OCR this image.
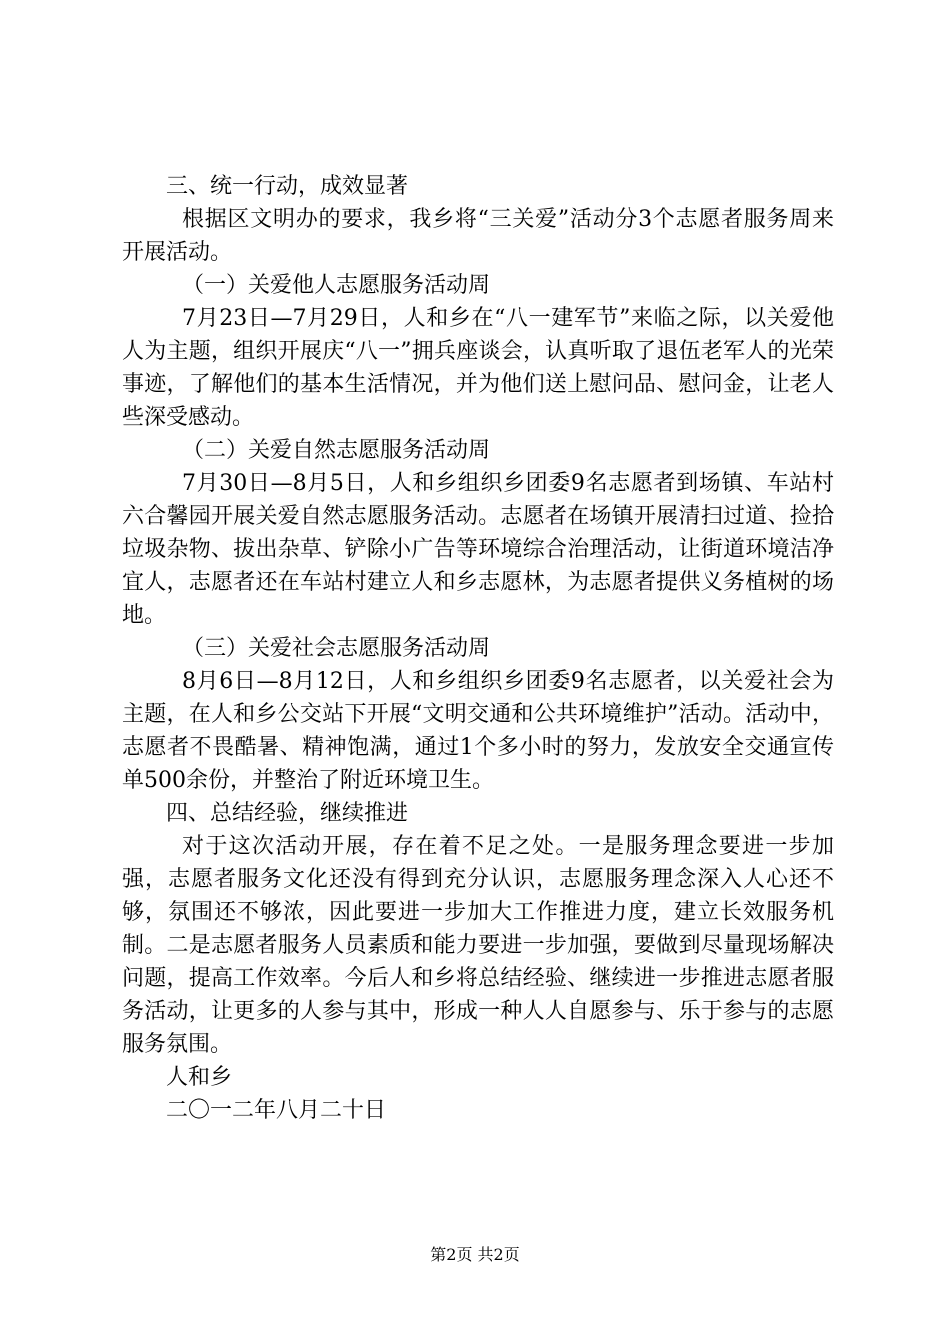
三、统一行动，成效显著

根据区文明办的要求，我乡将“三关爱”活动分3个志愿者服务周来开展活动。

（一）关爱他人志愿服务活动周

7月23日—7月29日，人和乡在“八一建军节”来临之际，以关爱他人为主题，组织开展庆“八一”拥兵座谈会，认真听取了退伍老军人的光荣事迹，了解他们的基本生活情况，并为他们送上慰问品、慰问金，让老人些深受感动。

（二）关爱自然志愿服务活动周

7月30日—8月5日，人和乡组织乡团委9名志愿者到场镇、车站村六合馨园开展关爱自然志愿服务活动。志愿者在场镇开展清扫过道、捡拾垃圾杂物、拔出杂草、铲除小广告等环境综合治理活动，让街道环境洁净宜人，志愿者还在车站村建立人和乡志愿林，为志愿者提供义务植树的场地。

（三）关爱社会志愿服务活动周

8月6日—8月12日，人和乡组织乡团委9名志愿者，以关爱社会为主题，在人和乡公交站下开展“文明交通和公共环境维护”活动。活动中，志愿者不畏酷暑、精神饱满，通过1个多小时的努力，发放安全交通宣传单500余份，并整治了附近环境卫生。

四、总结经验，继续推进

对于这次活动开展，存在着不足之处。一是服务理念要进一步加强，志愿者服务文化还没有得到充分认识，志愿服务理念深入人心还不够，氛围还不够浓，因此要进一步加大工作推进力度，建立长效服务机制。二是志愿者服务人员素质和能力要进一步加强，要做到尽量现场解决问题，提高工作效率。今后人和乡将总结经验、继续进一步推进志愿者服务活动，让更多的人参与其中，形成一种人人自愿参与、乐于参与的志愿服务氛围。

人和乡

二〇一二年八月二十日

第2页 共2页
